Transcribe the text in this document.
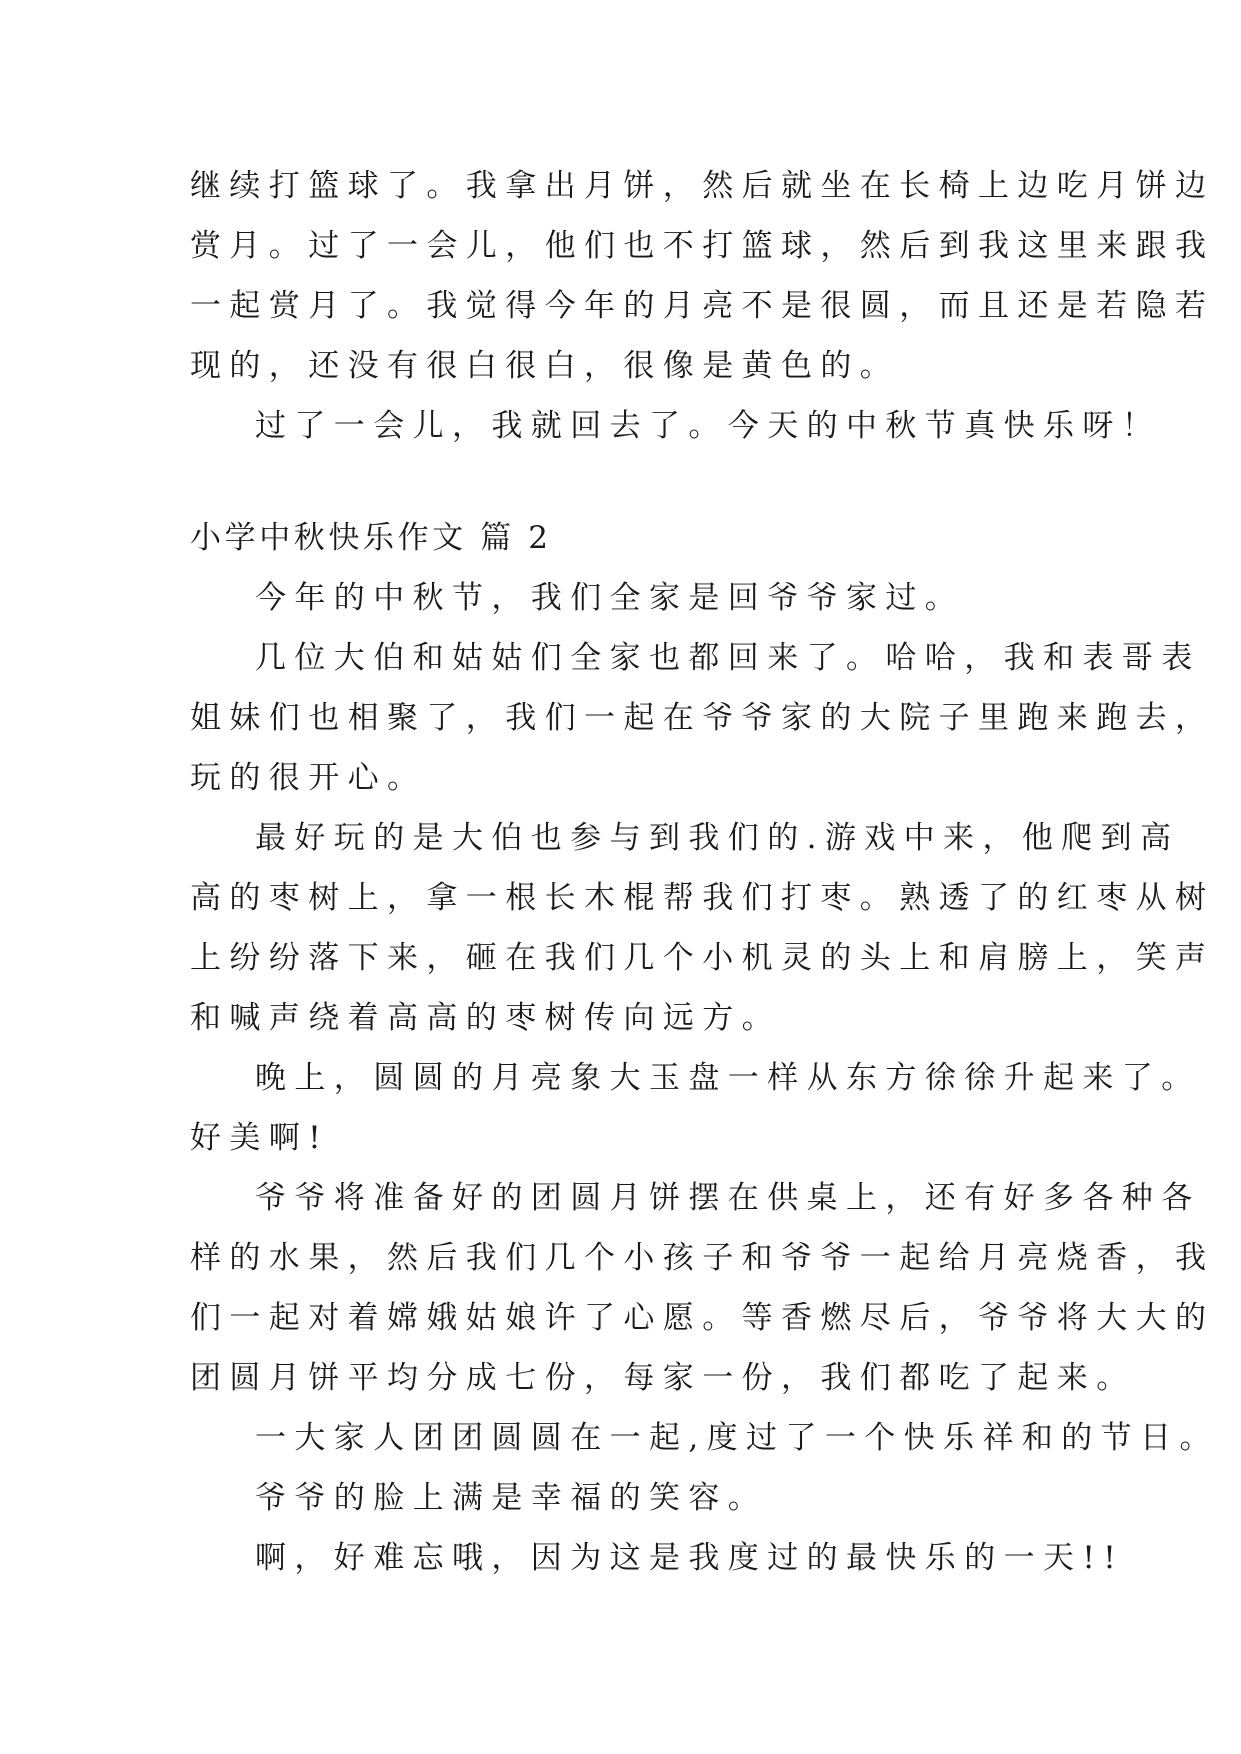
继续打篮球了。我拿出月饼，然后就坐在长椅上边吃月饼边
赏月。过了一会儿，他们也不打篮球，然后到我这里来跟我
一起赏月了。我觉得今年的月亮不是很圆，而且还是若隐若
现的，还没有很白很白，很像是黄色的。
过了一会儿，我就回去了。今天的中秋节真快乐呀！
小学中秋快乐作文 篇 2
今年的中秋节，我们全家是回爷爷家过。
几位大伯和姑姑们全家也都回来了。哈哈，我和表哥表
姐妹们也相聚了，我们一起在爷爷家的大院子里跑来跑去，
玩的很开心。
最好玩的是大伯也参与到我们的.游戏中来，他爬到高
高的枣树上，拿一根长木棍帮我们打枣。熟透了的红枣从树
上纷纷落下来，砸在我们几个小机灵的头上和肩膀上，笑声
和喊声绕着高高的枣树传向远方。
晚上，圆圆的月亮象大玉盘一样从东方徐徐升起来了。
好美啊!
爷爷将准备好的团圆月饼摆在供桌上，还有好多各种各
样的水果，然后我们几个小孩子和爷爷一起给月亮烧香，我
们一起对着嫦娥姑娘许了心愿。等香燃尽后，爷爷将大大的
团圆月饼平均分成七份，每家一份，我们都吃了起来。
一大家人团团圆圆在一起,度过了一个快乐祥和的节日。
爷爷的脸上满是幸福的笑容。
啊，好难忘哦，因为这是我度过的最快乐的一天!!
